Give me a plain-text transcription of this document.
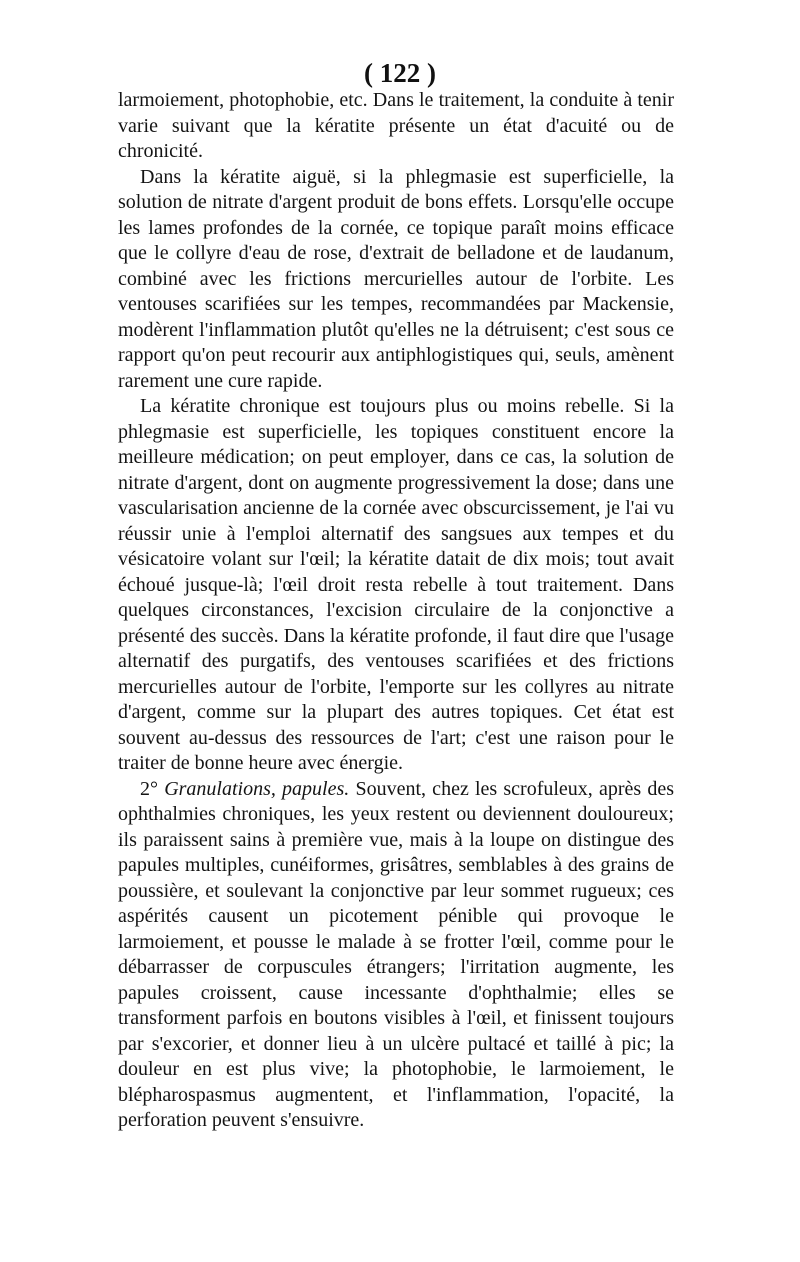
( 122 )

larmoiement, photophobie, etc. Dans le traitement, la conduite à tenir varie suivant que la kératite présente un état d'acuité ou de chronicité.

Dans la kératite aiguë, si la phlegmasie est superficielle, la solution de nitrate d'argent produit de bons effets. Lorsqu'elle occupe les lames profondes de la cornée, ce topique paraît moins efficace que le collyre d'eau de rose, d'extrait de belladone et de laudanum, combiné avec les frictions mercurielles autour de l'orbite. Les ventouses scarifiées sur les tempes, recommandées par Mackensie, modèrent l'inflammation plutôt qu'elles ne la détruisent; c'est sous ce rapport qu'on peut recourir aux antiphlogistiques qui, seuls, amènent rarement une cure rapide.

La kératite chronique est toujours plus ou moins rebelle. Si la phlegmasie est superficielle, les topiques constituent encore la meilleure médication; on peut employer, dans ce cas, la solution de nitrate d'argent, dont on augmente progressivement la dose; dans une vascularisation ancienne de la cornée avec obscurcissement, je l'ai vu réussir unie à l'emploi alternatif des sangsues aux tempes et du vésicatoire volant sur l'œil; la kératite datait de dix mois; tout avait échoué jusque-là; l'œil droit resta rebelle à tout traitement. Dans quelques circonstances, l'excision circulaire de la conjonctive a présenté des succès. Dans la kératite profonde, il faut dire que l'usage alternatif des purgatifs, des ventouses scarifiées et des frictions mercurielles autour de l'orbite, l'emporte sur les collyres au nitrate d'argent, comme sur la plupart des autres topiques. Cet état est souvent au-dessus des ressources de l'art; c'est une raison pour le traiter de bonne heure avec énergie.

2° Granulations, papules. Souvent, chez les scrofuleux, après des ophthalmies chroniques, les yeux restent ou deviennent douloureux; ils paraissent sains à première vue, mais à la loupe on distingue des papules multiples, cunéiformes, grisâtres, semblables à des grains de poussière, et soulevant la conjonctive par leur sommet rugueux; ces aspérités causent un picotement pénible qui provoque le larmoiement, et pousse le malade à se frotter l'œil, comme pour le débarrasser de corpuscules étrangers; l'irritation augmente, les papules croissent, cause incessante d'ophthalmie; elles se transforment parfois en boutons visibles à l'œil, et finissent toujours par s'excorier, et donner lieu à un ulcère pultacé et taillé à pic; la douleur en est plus vive; la photophobie, le larmoiement, le blépharospasmus augmentent, et l'inflammation, l'opacité, la perforation peuvent s'ensuivre.
